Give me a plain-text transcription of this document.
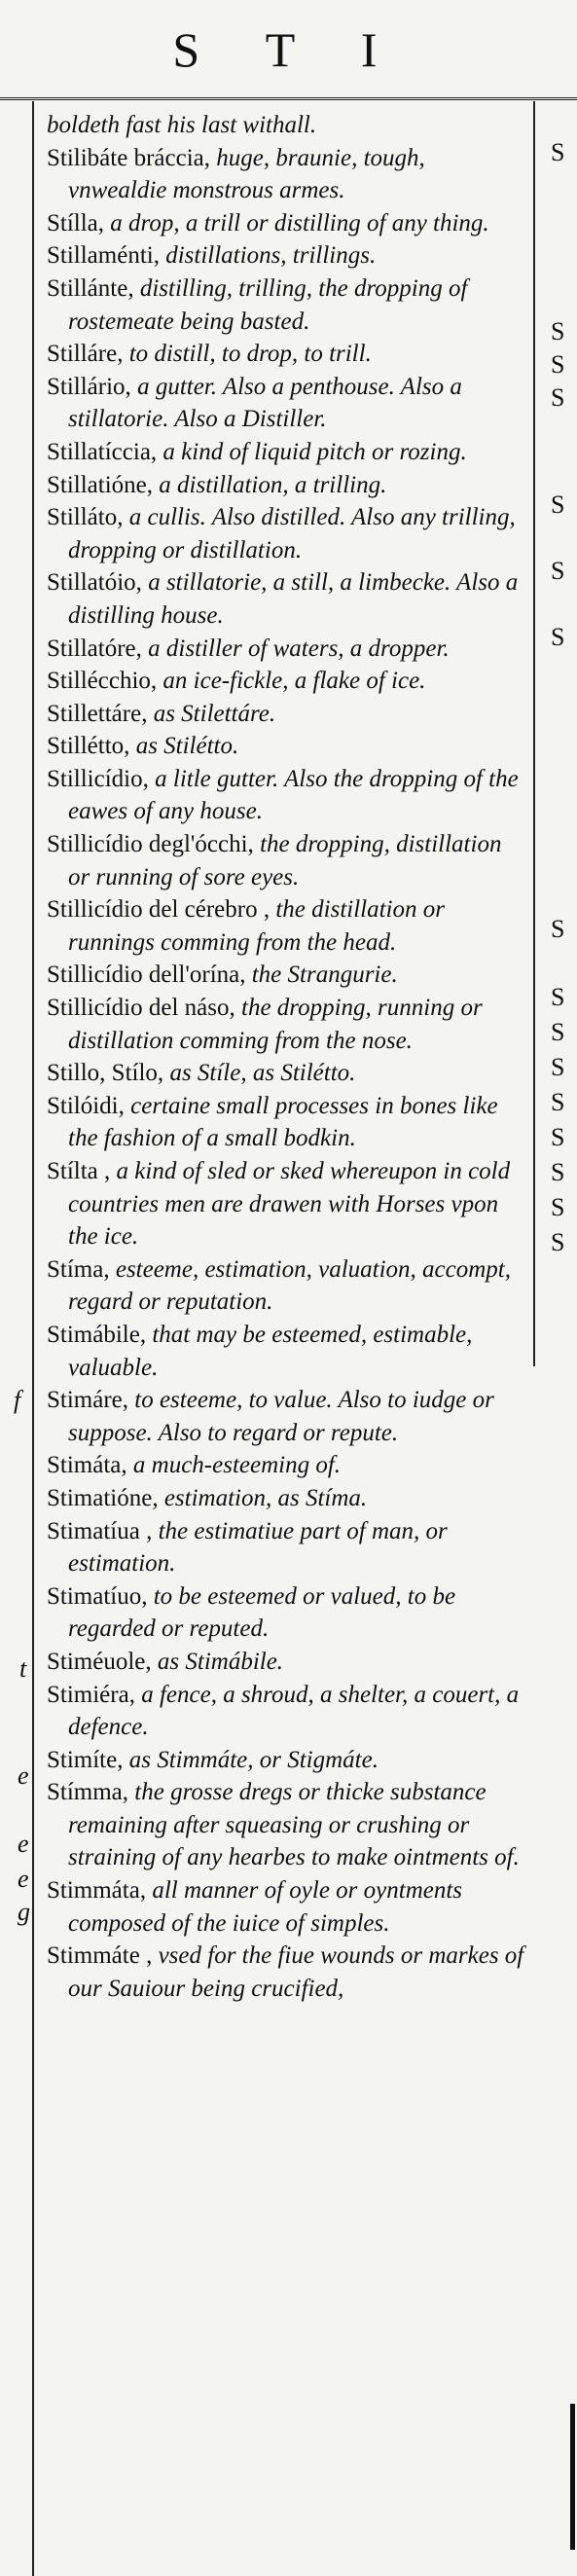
S T I
S
S
S
S
S
S
S
S
S
S
S
S
S
S
S
S
f
t
e
e
e
g
boldeth fast his last withall.
Stilibáte bráccia, huge, braunie, tough, vnwealdie monstrous armes.
Stílla, a drop, a trill or distilling of any thing.
Stillaménti, distillations, trillings.
Stillánte, distilling, trilling, the dropping of rostemeate being basted.
Stilláre, to distill, to drop, to trill.
Stillário, a gutter. Also a penthouse. Also a stillatorie. Also a Distiller.
Stillatíccia, a kind of liquid pitch or rozing.
Stillatióne, a distillation, a trilling.
Stilláto, a cullis. Also distilled. Also any trilling, dropping or distillation.
Stillatóio, a stillatorie, a still, a limbecke. Also a distilling house.
Stillatóre, a distiller of waters, a dropper.
Stillécchio, an ice-fickle, a flake of ice.
Stillettáre, as Stilettáre.
Stillétto, as Stilétto.
Stillicídio, a litle gutter. Also the dropping of the eawes of any house.
Stillicídio degl'ócchi, the dropping, distillation or running of sore eyes.
Stillicídio del cérebro , the distillation or runnings comming from the head.
Stillicídio dell'orína, the Strangurie.
Stillicídio del náso, the dropping, running or distillation comming from the nose.
Stillo, Stílo, as Stíle, as Stilétto.
Stilóidi, certaine small processes in bones like the fashion of a small bodkin.
Stílta , a kind of sled or sked whereupon in cold countries men are drawen with Horses vpon the ice.
Stíma, esteeme, estimation, valuation, accompt, regard or reputation.
Stimábile, that may be esteemed, estimable, valuable.
Stimáre, to esteeme, to value. Also to iudge or suppose. Also to regard or repute.
Stimáta, a much-esteeming of.
Stimatióne, estimation, as Stíma.
Stimatíua , the estimatiue part of man, or estimation.
Stimatíuo, to be esteemed or valued, to be regarded or reputed.
Stiméuole, as Stimábile.
Stimiéra, a fence, a shroud, a shelter, a couert, a defence.
Stimíte, as Stimmáte, or Stigmáte.
Stímma, the grosse dregs or thicke substance remaining after squeasing or crushing or straining of any hearbes to make ointments of.
Stimmáta, all manner of oyle or oyntments composed of the iuice of simples.
Stimmáte , vsed for the fiue wounds or markes of our Sauiour being crucified,
